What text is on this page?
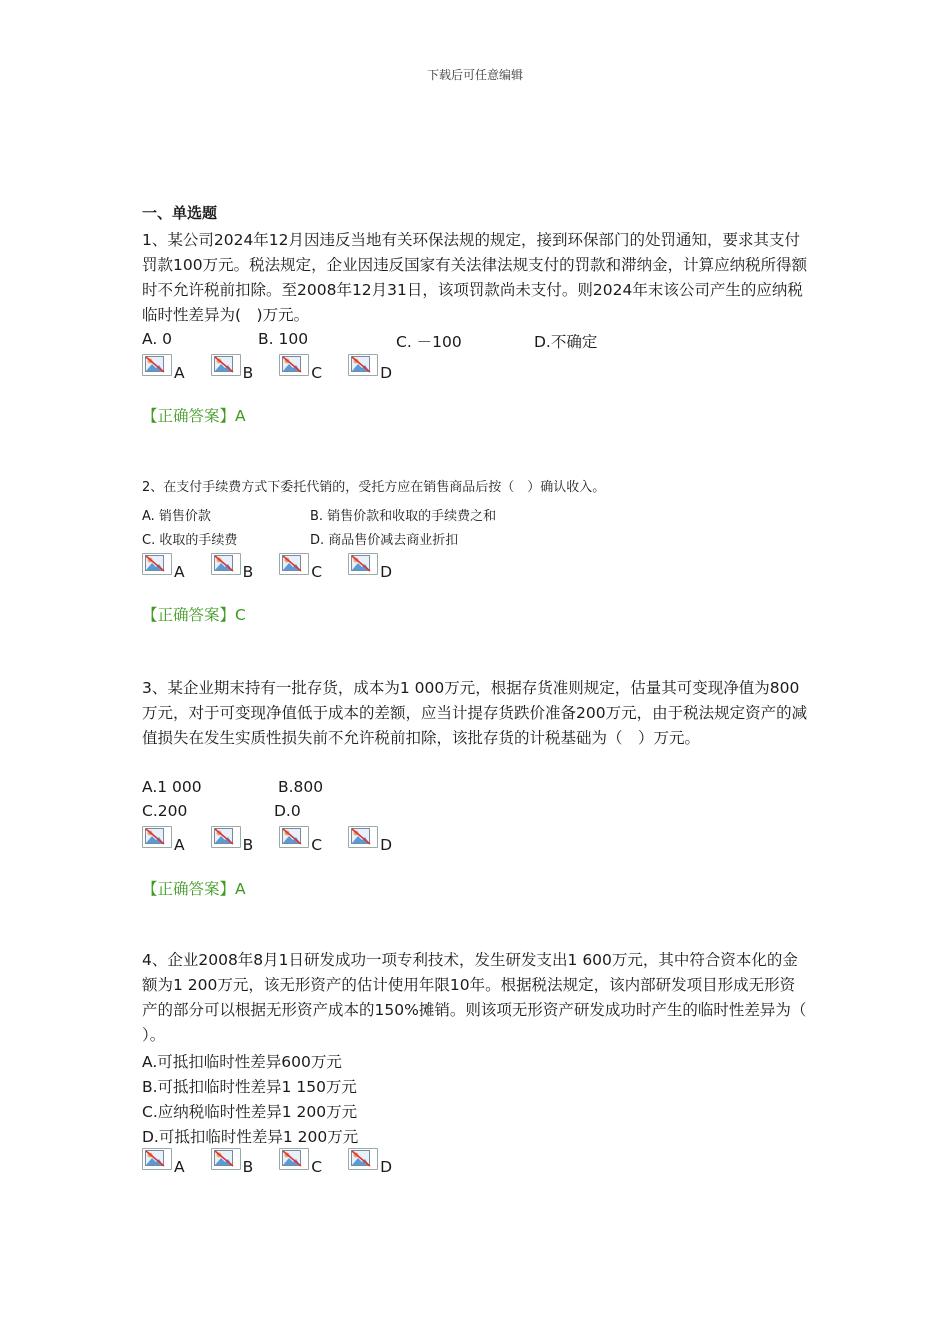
下载后可任意编辑
一、单选题
1、某公司2024年12月因违反当地有关环保法规的规定，接到环保部门的处罚通知，要求其支付罚款100万元。税法规定，企业因违反国家有关法律法规支付的罚款和滞纳金，计算应纳税所得额时不允许税前扣除。至2008年12月31日，该项罚款尚未支付。则2024年末该公司产生的应纳税临时性差异为(　)万元。
A. 0	B. 100	C. －100	D.不确定
A	B	C	D
【正确答案】A
2、在支付手续费方式下委托代销的，受托方应在销售商品后按（　）确认收入。
A. 销售价款	B. 销售价款和收取的手续费之和
C. 收取的手续费	D. 商品售价减去商业折扣
A	B	C	D
【正确答案】C
3、某企业期末持有一批存货，成本为1 000万元，根据存货准则规定，估量其可变现净值为800万元，对于可变现净值低于成本的差额，应当计提存货跌价准备200万元，由于税法规定资产的减值损失在发生实质性损失前不允许税前扣除，该批存货的计税基础为（　）万元。
A.1 000	B.800
C.200	D.0
A	B	C	D
【正确答案】A
4、企业2008年8月1日研发成功一项专利技术，发生研发支出1 600万元，其中符合资本化的金额为1 200万元，该无形资产的估计使用年限10年。根据税法规定，该内部研发项目形成无形资产的部分可以根据无形资产成本的150%摊销。则该项无形资产研发成功时产生的临时性差异为（ ）。
A.可抵扣临时性差异600万元
B.可抵扣临时性差异1 150万元
C.应纳税临时性差异1 200万元
D.可抵扣临时性差异1 200万元
A	B	C	D
